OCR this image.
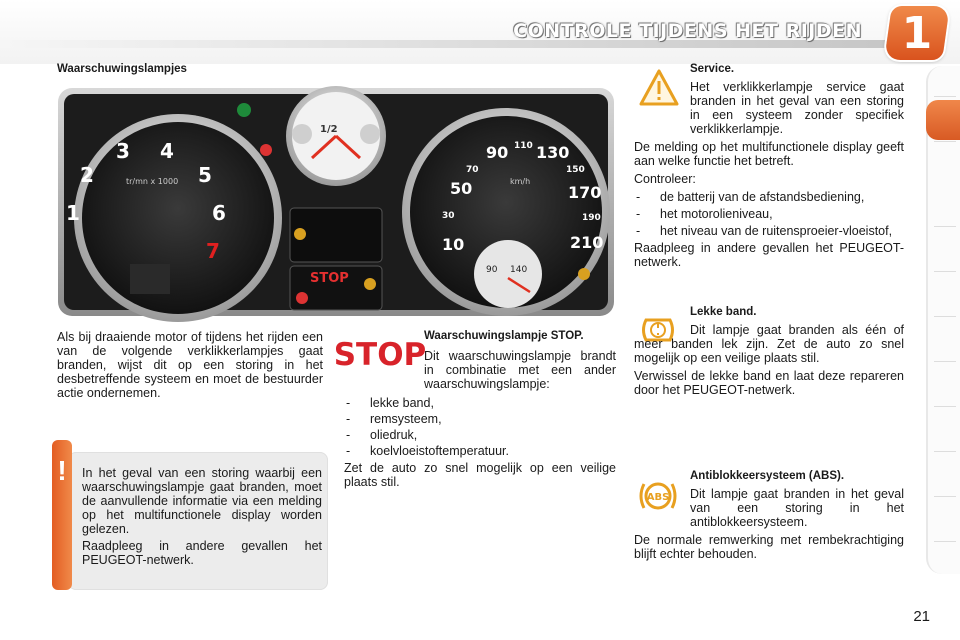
CONTROLE TIJDENS HET RIJDEN 1
Waarschuwingslampjes
1
2
3 4
5
6
7
tr/mn x 1000
1/2
STOP
10
30
50
70
90 110 130
150
170
190
210
km/h
90 140

Als bij draaiende motor of tijdens het rijden een van de volgende verklikkerlampjes gaat branden, wijst dit op een storing in het desbetreffende systeem en moet de bestuurder actie ondernemen.

!	In het geval van een storing waarbij een waarschuwingslampje gaat branden, moet de aanvullende informatie via een melding op het multifunctionele display worden gelezen.

Raadpleeg in andere gevallen het PEUGEOT-netwerk.

STOP

Waarschuwingslampje STOP.

Dit waarschuwingslampje brandt in combinatie met een ander waarschuwingslampje:

- lekke band,
- remsysteem,
- oliedruk,
- koelvloeistoftemperatuur.

Zet de auto zo snel mogelijk op een veilige plaats stil.

Service.

Het verklikkerlampje service gaat branden in het geval van een storing in een systeem zonder specifiek verklikkerlampje.

De melding op het multifunctionele display geeft aan welke functie het betreft.

Controleer:

- de batterij van de afstandsbediening,
- het motorolieniveau,
- het niveau van de ruitensproeier-vloeistof,

Raadpleeg in andere gevallen het PEUGEOT-netwerk.

Lekke band.

Dit lampje gaat branden als één of meer banden lek zijn. Zet de auto zo snel mogelijk op een veilige plaats stil.

Verwissel de lekke band en laat deze repareren door het PEUGEOT-netwerk.

ABS

Antiblokkeersysteem (ABS).

Dit lampje gaat branden in het geval van een storing in het antiblokkeersysteem.

De normale remwerking met rembekrachtiging blijft echter behouden.

21
